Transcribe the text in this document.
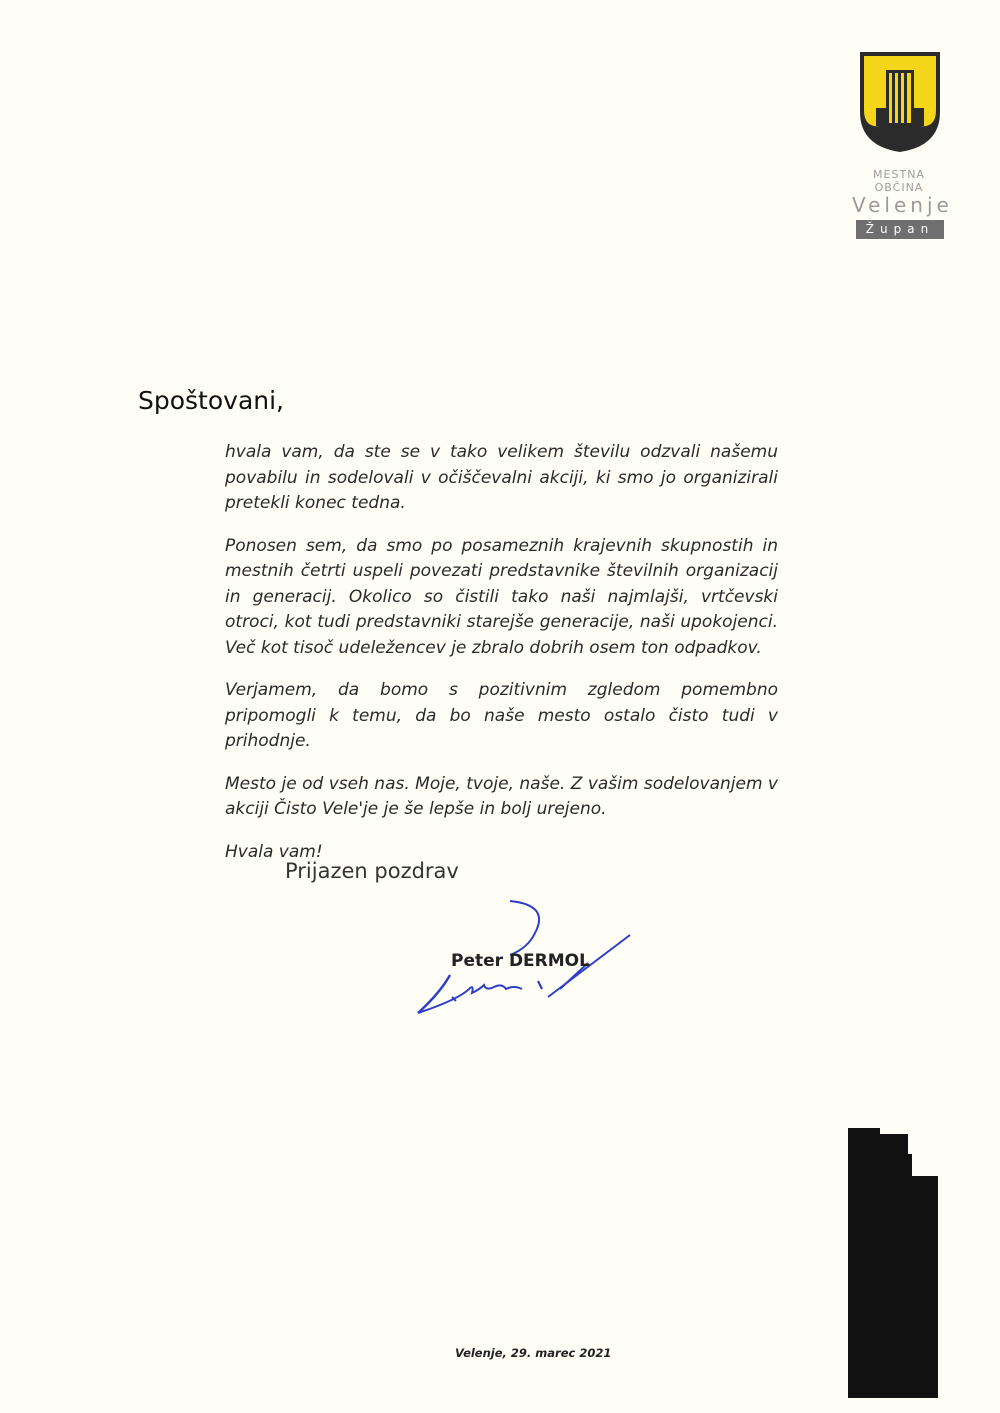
MESTNA OBČINA
Velenje
Župan
Spoštovani,

hvala vam, da ste se v tako velikem številu odzvali našemu povabilu in sodelovali v očiščevalni akciji, ki smo jo organizirali pretekli konec tedna.

Ponosen sem, da smo po posameznih krajevnih skupnostih in mestnih četrti uspeli povezati predstavnike številnih organizacij in generacij. Okolico so čistili tako naši najmlajši, vrtčevski otroci, kot tudi predstavniki starejše generacije, naši upokojenci. Več kot tisoč udeležencev je zbralo dobrih osem ton odpadkov.

Verjamem, da bomo s pozitivnim zgledom pomembno pripomogli k temu, da bo naše mesto ostalo čisto tudi v prihodnje.

Mesto je od vseh nas. Moje, tvoje, naše. Z vašim sodelovanjem v akciji Čisto Vele'je je še lepše in bolj urejeno.

Hvala vam!

Prijazen pozdrav
Peter DERMOL
Velenje, 29. marec 2021
